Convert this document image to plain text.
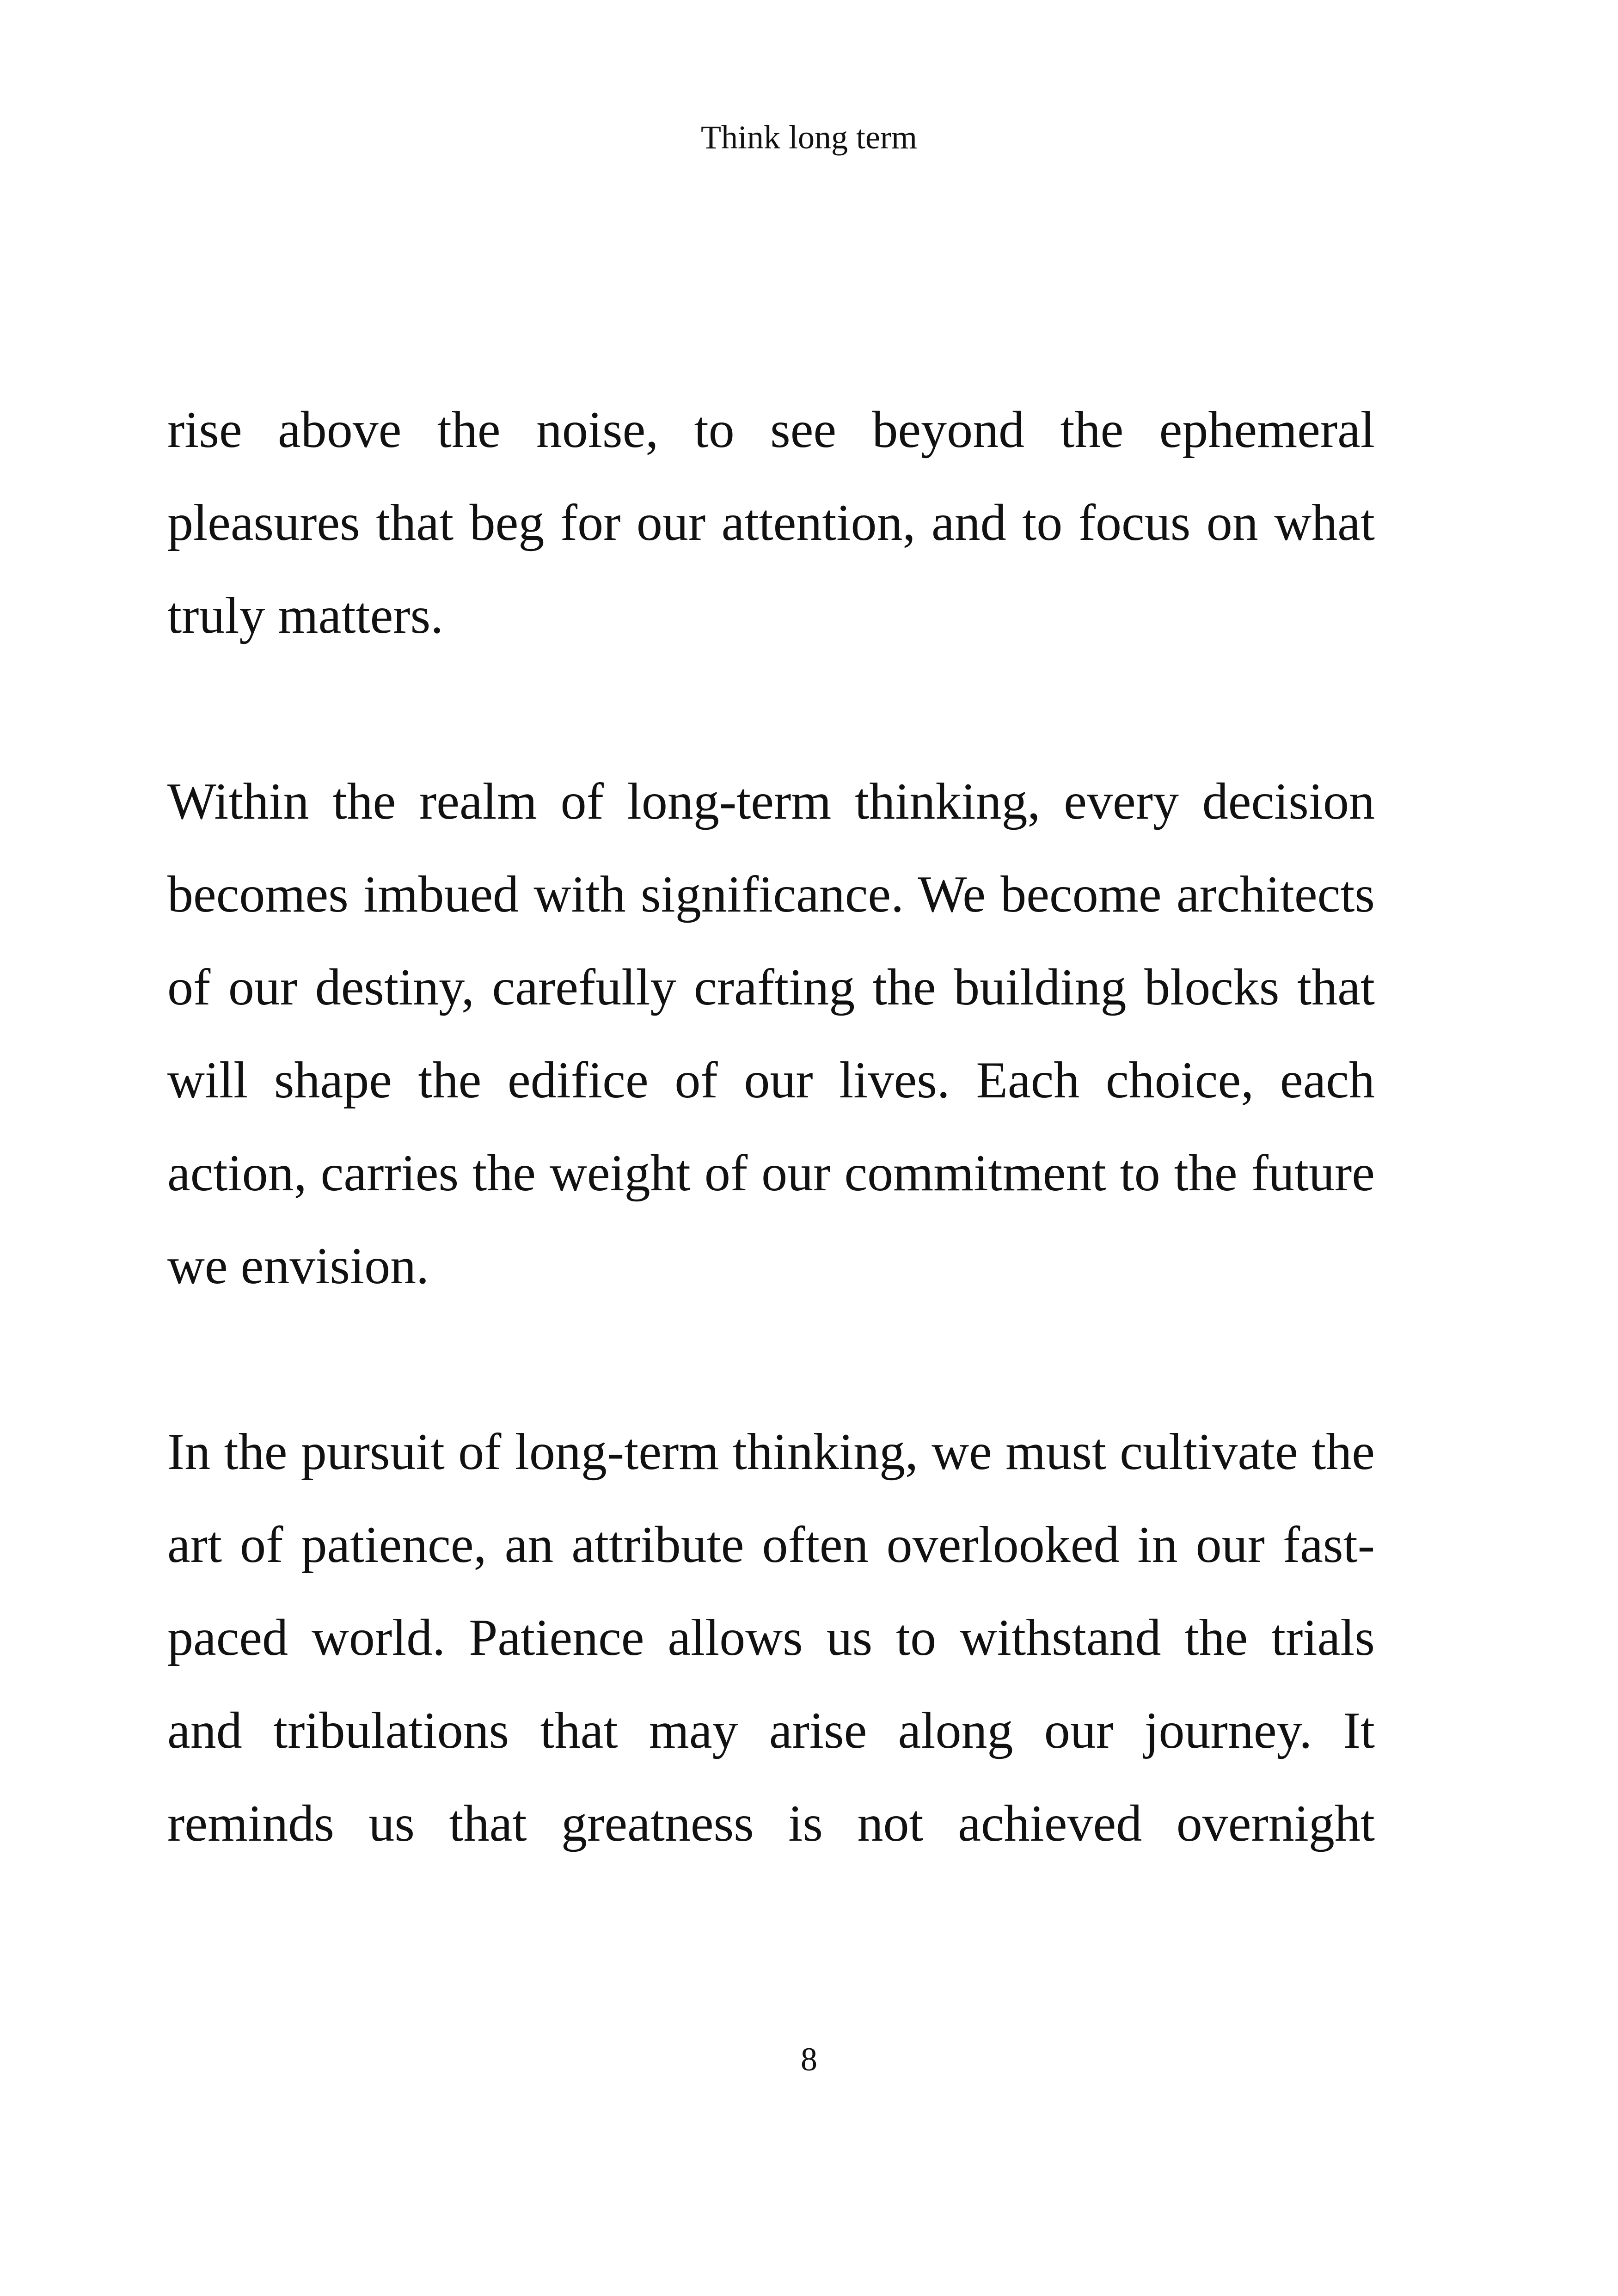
Think long term

rise above the noise, to see beyond the ephemeral pleasures that beg for our attention, and to focus on what truly matters.

Within the realm of long-term thinking, every decision becomes imbued with significance. We become architects of our destiny, carefully crafting the building blocks that will shape the edifice of our lives. Each choice, each action, carries the weight of our commitment to the future we envision.

In the pursuit of long-term thinking, we must cultivate the art of patience, an attribute often overlooked in our fast-paced world. Patience allows us to withstand the trials and tribulations that may arise along our journey. It reminds us that greatness is not achieved overnight

8
